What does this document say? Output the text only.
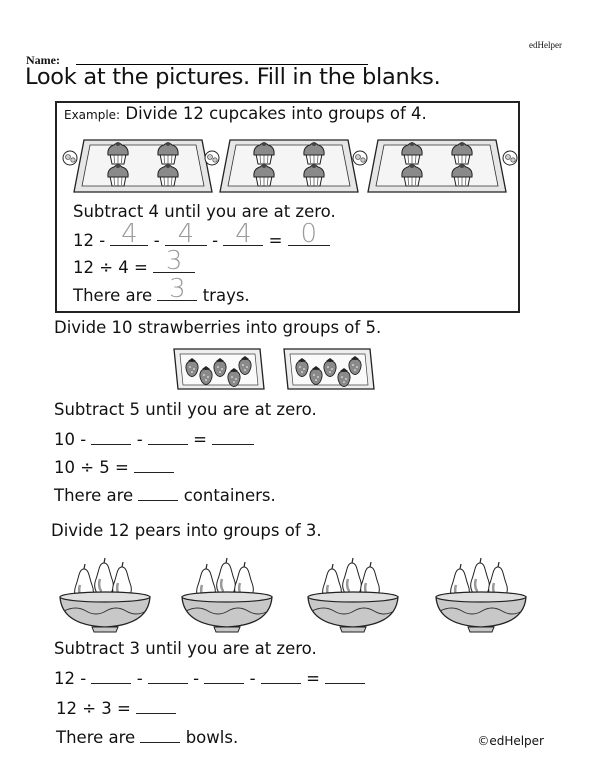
edHelper
Name:
Look at the pictures. Fill in the blanks.
Example: Divide 12 cupcakes into groups of 4.
Subtract 4 until you are at zero.
12 - 4 - 4	- 4	= 0
12 ÷ 4 = 3
There are 3	trays.
Divide 10 strawberries into groups of 5.
Subtract 5 until you are at zero.
10 -	-	=
10 ÷ 5 =
There are	containers.
Divide 12 pears into groups of 3.
Subtract 3 until you are at zero.
12 -	-	-	-	=
12 ÷ 3 =
There are	bowls.	©edHelper
